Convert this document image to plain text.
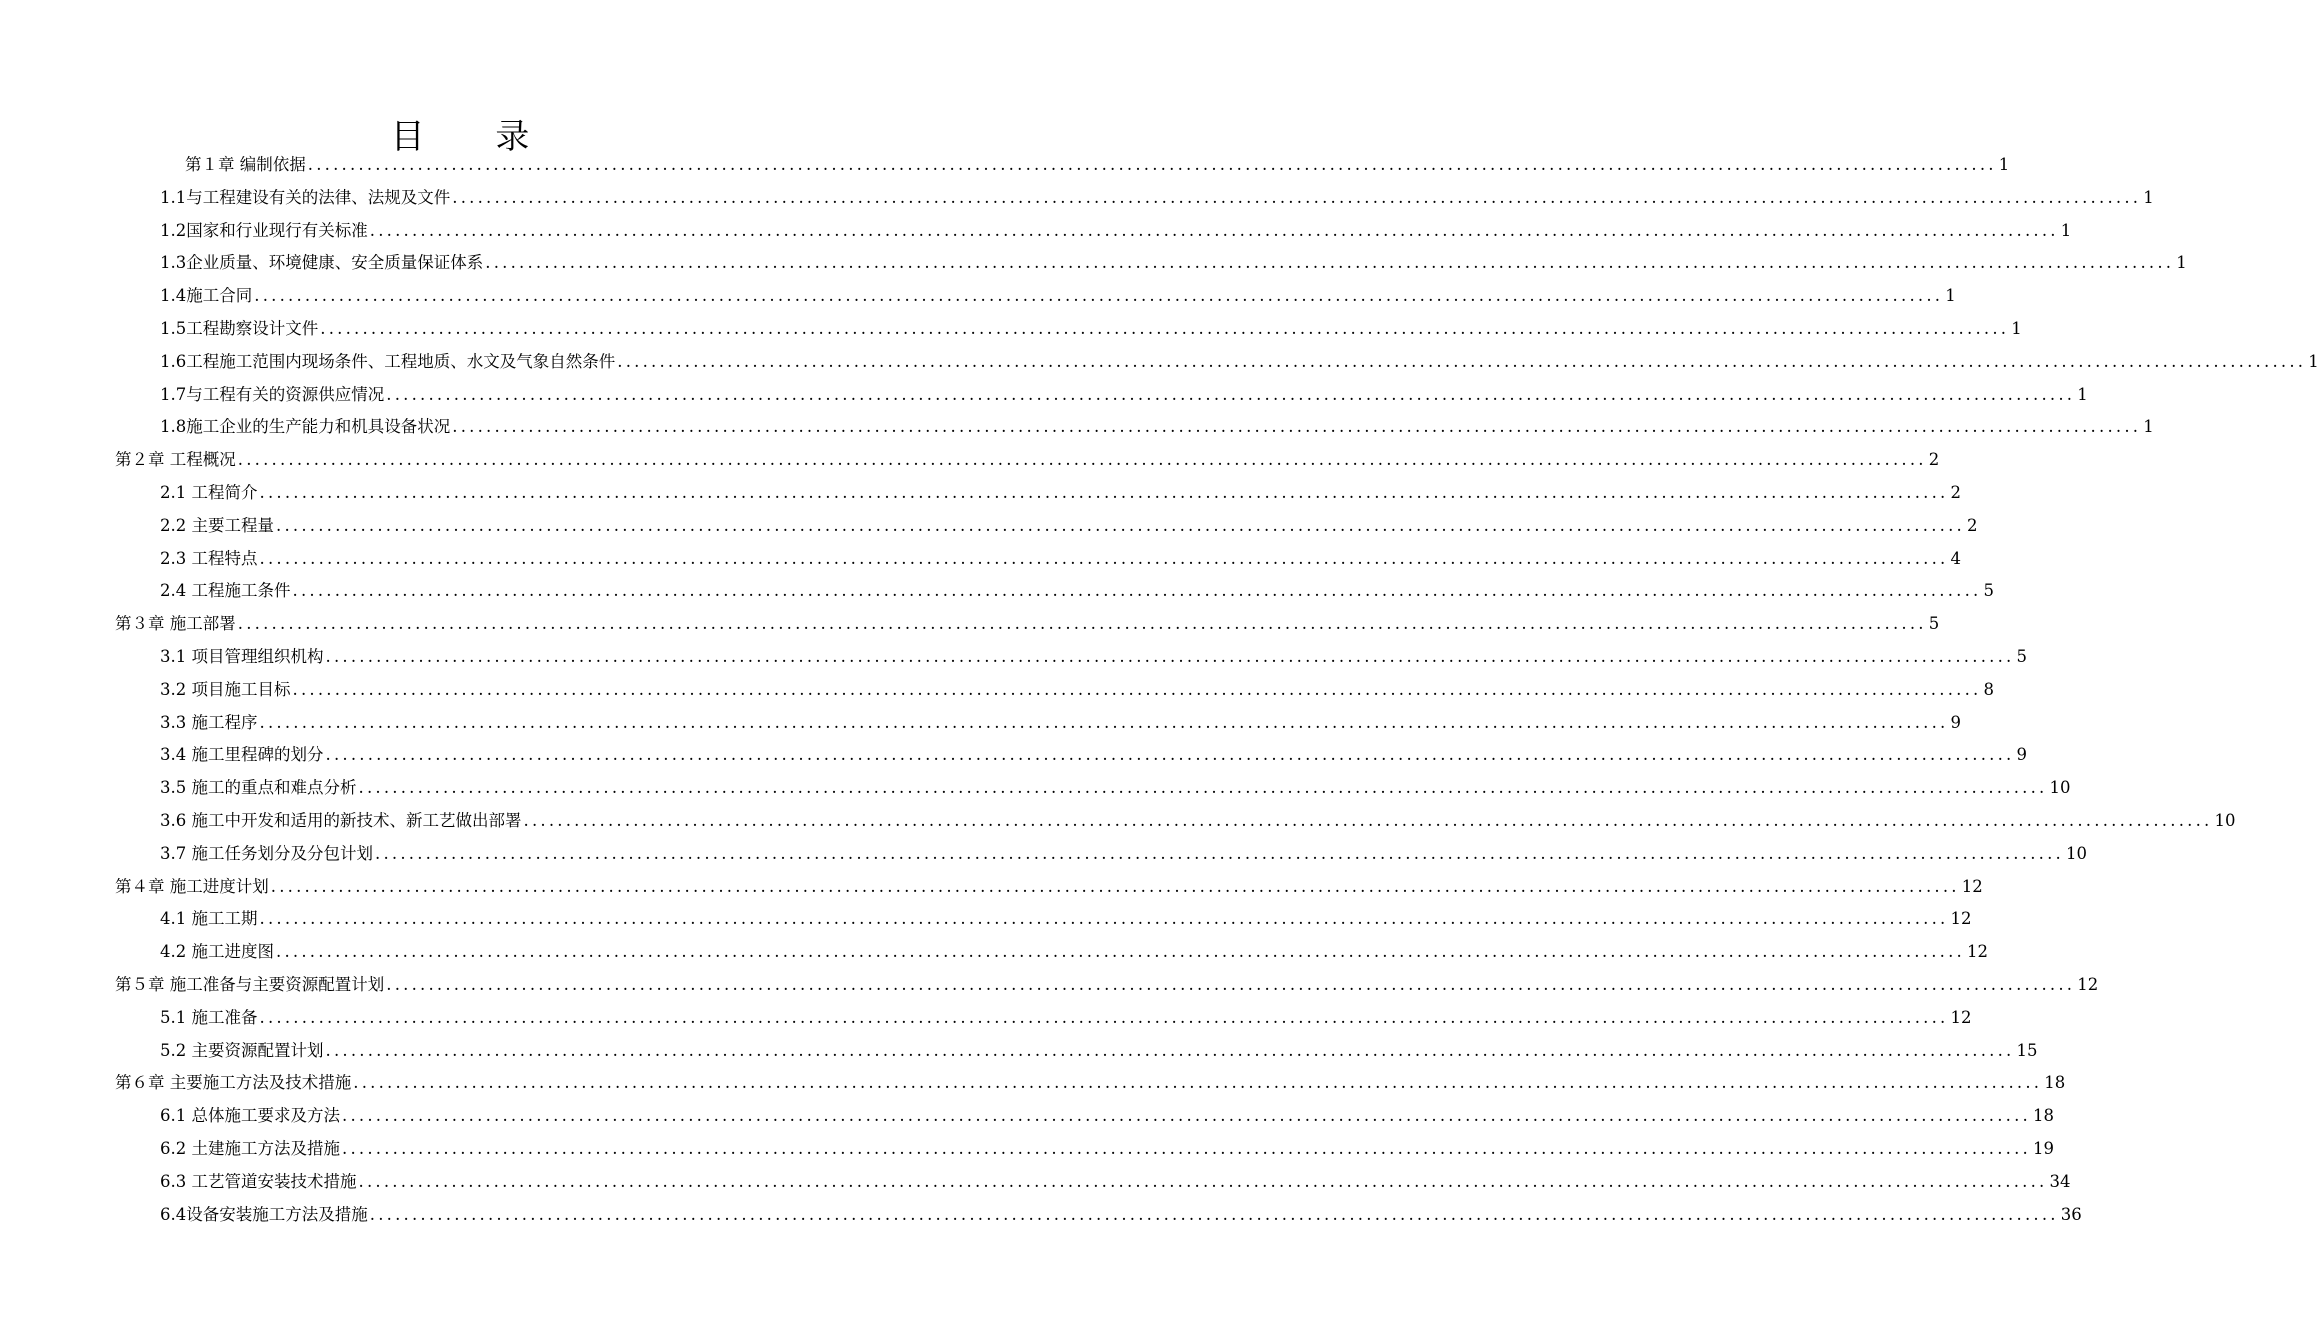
目 录
第１章 编制依据 ........................................................................................................................................................................................................ 1
1.1与工程建设有关的法律、法规及文件 ........................................................................................................................................................................................................ 1
1.2国家和行业现行有关标准 ........................................................................................................................................................................................................ 1
1.3企业质量、环境健康、安全质量保证体系 ........................................................................................................................................................................................................ 1
1.4施工合同 ........................................................................................................................................................................................................ 1
1.5工程勘察设计文件 ........................................................................................................................................................................................................ 1
1.6工程施工范围内现场条件、工程地质、水文及气象自然条件 ........................................................................................................................................................................................................ 1
1.7与工程有关的资源供应情况 ........................................................................................................................................................................................................ 1
1.8施工企业的生产能力和机具设备状况 ........................................................................................................................................................................................................ 1
第２章 工程概况 ........................................................................................................................................................................................................ 2
2.1 工程简介 ........................................................................................................................................................................................................ 2
2.2 主要工程量 ........................................................................................................................................................................................................ 2
2.3 工程特点 ........................................................................................................................................................................................................ 4
2.4 工程施工条件 ........................................................................................................................................................................................................ 5
第３章 施工部署 ........................................................................................................................................................................................................ 5
3.1 项目管理组织机构 ........................................................................................................................................................................................................ 5
3.2 项目施工目标 ........................................................................................................................................................................................................ 8
3.3 施工程序 ........................................................................................................................................................................................................ 9
3.4 施工里程碑的划分 ........................................................................................................................................................................................................ 9
3.5 施工的重点和难点分析 ........................................................................................................................................................................................................ 10
3.6 施工中开发和适用的新技术、新工艺做出部署 ........................................................................................................................................................................................................ 10
3.7 施工任务划分及分包计划 ........................................................................................................................................................................................................ 10
第４章 施工进度计划 ........................................................................................................................................................................................................ 12
4.1 施工工期 ........................................................................................................................................................................................................ 12
4.2 施工进度图 ........................................................................................................................................................................................................ 12
第５章 施工准备与主要资源配置计划 ........................................................................................................................................................................................................ 12
5.1 施工准备 ........................................................................................................................................................................................................ 12
5.2 主要资源配置计划 ........................................................................................................................................................................................................ 15
第６章 主要施工方法及技术措施 ........................................................................................................................................................................................................ 18
6.1 总体施工要求及方法 ........................................................................................................................................................................................................ 18
6.2 土建施工方法及措施 ........................................................................................................................................................................................................ 19
6.3 工艺管道安装技术措施 ........................................................................................................................................................................................................ 34
6.4设备安装施工方法及措施 ........................................................................................................................................................................................................ 36
